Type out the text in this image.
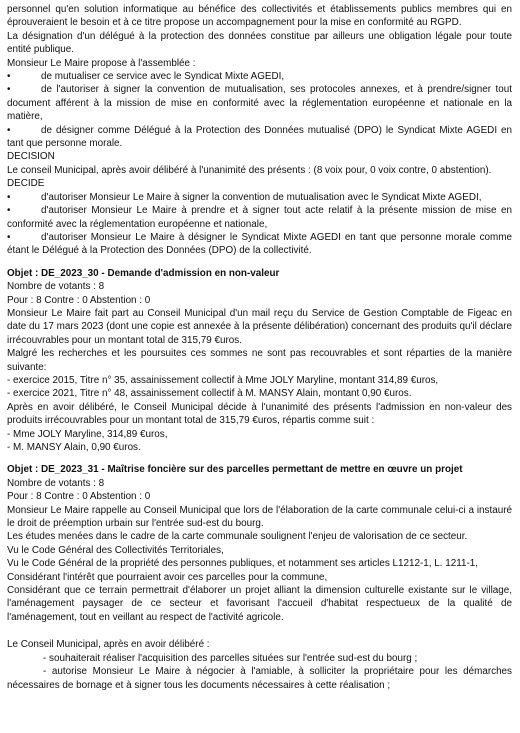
personnel qu'en solution informatique au bénéfice des collectivités et établissements publics membres qui en éprouveraient le besoin et à ce titre propose un accompagnement pour la mise en conformité au RGPD.

La désignation d'un délégué à la protection des données constitue par ailleurs une obligation légale pour toute entité publique.

Monsieur Le Maire propose à l'assemblée :

•	de mutualiser ce service avec le Syndicat Mixte AGEDI,
•	de l'autoriser à signer la convention de mutualisation, ses protocoles annexes, et à prendre/signer tout document afférent à la mission de mise en conformité avec la réglementation européenne et nationale en la matière,
•	de désigner comme Délégué à la Protection des Données mutualisé (DPO) le Syndicat Mixte AGEDI en tant que personne morale.

DECISION

Le conseil Municipal, après avoir délibéré à l'unanimité des présents : (8 voix pour, 0 voix contre, 0 abstention).

DECIDE

•	d'autoriser Monsieur Le Maire à signer la convention de mutualisation avec le Syndicat Mixte AGEDI,
•	d'autoriser Monsieur Le Maire à prendre et à signer tout acte relatif à la présente mission de mise en conformité avec la réglementation européenne et nationale,
•	d'autoriser Monsieur Le Maire à désigner le Syndicat Mixte AGEDI en tant que personne morale comme étant le Délégué à la Protection des Données (DPO) de la collectivité.

Objet : DE_2023_30 - Demande d'admission en non-valeur

Nombre de votants : 8

Pour : 8 Contre : 0 Abstention : 0

Monsieur Le Maire fait part au Conseil Municipal d'un mail reçu du Service de Gestion Comptable de Figeac en date du 17 mars 2023 (dont une copie est annexée à la présente délibération) concernant des produits qu'il déclare irrécouvrables pour un montant total de 315,79 €uros.

Malgré les recherches et les poursuites ces sommes ne sont pas recouvrables et sont réparties de la manière suivante:

- exercice 2015, Titre n° 35, assainissement collectif à Mme JOLY Maryline, montant 314,89 €uros,

- exercice 2021, Titre n° 48, assainissement collectif à M. MANSY Alain, montant 0,90 €uros.

Après en avoir délibéré, le Conseil Municipal décide à l'unanimité des présents l'admission en non-valeur des produits irrécouvrables pour un montant total de 315,79 €uros, répartis comme suit :

- Mme JOLY Maryline, 314,89 €uros,

- M. MANSY Alain, 0,90 €uros.

Objet : DE_2023_31 - Maîtrise foncière sur des parcelles permettant de mettre en œuvre un projet

Nombre de votants : 8

Pour : 8 Contre : 0 Abstention : 0

Monsieur Le Maire rappelle au Conseil Municipal que lors de l'élaboration de la carte communale celui-ci a instauré le droit de préemption urbain sur l'entrée sud-est du bourg.

Les études menées dans le cadre de la carte communale soulignent l'enjeu de valorisation de ce secteur.

Vu le Code Général des Collectivités Territoriales,

Vu le Code Général de la propriété des personnes publiques, et notamment ses articles L1212-1, L. 1211-1,

Considérant l'intérêt que pourraient avoir ces parcelles pour la commune,

Considérant que ce terrain permettrait d'élaborer un projet alliant la dimension culturelle existante sur le village, l'aménagement paysager de ce secteur et favorisant l'accueil d'habitat respectueux de la qualité de l'aménagement, tout en veillant au respect de l'activité agricole.

Le Conseil Municipal, après en avoir délibéré :

- souhaiterait réaliser l'acquisition des parcelles situées sur l'entrée sud-est du bourg ;

- autorise Monsieur Le Maire à négocier à l'amiable, à solliciter la propriétaire pour les démarches nécessaires de bornage et à signer tous les documents nécessaires à cette réalisation ;
